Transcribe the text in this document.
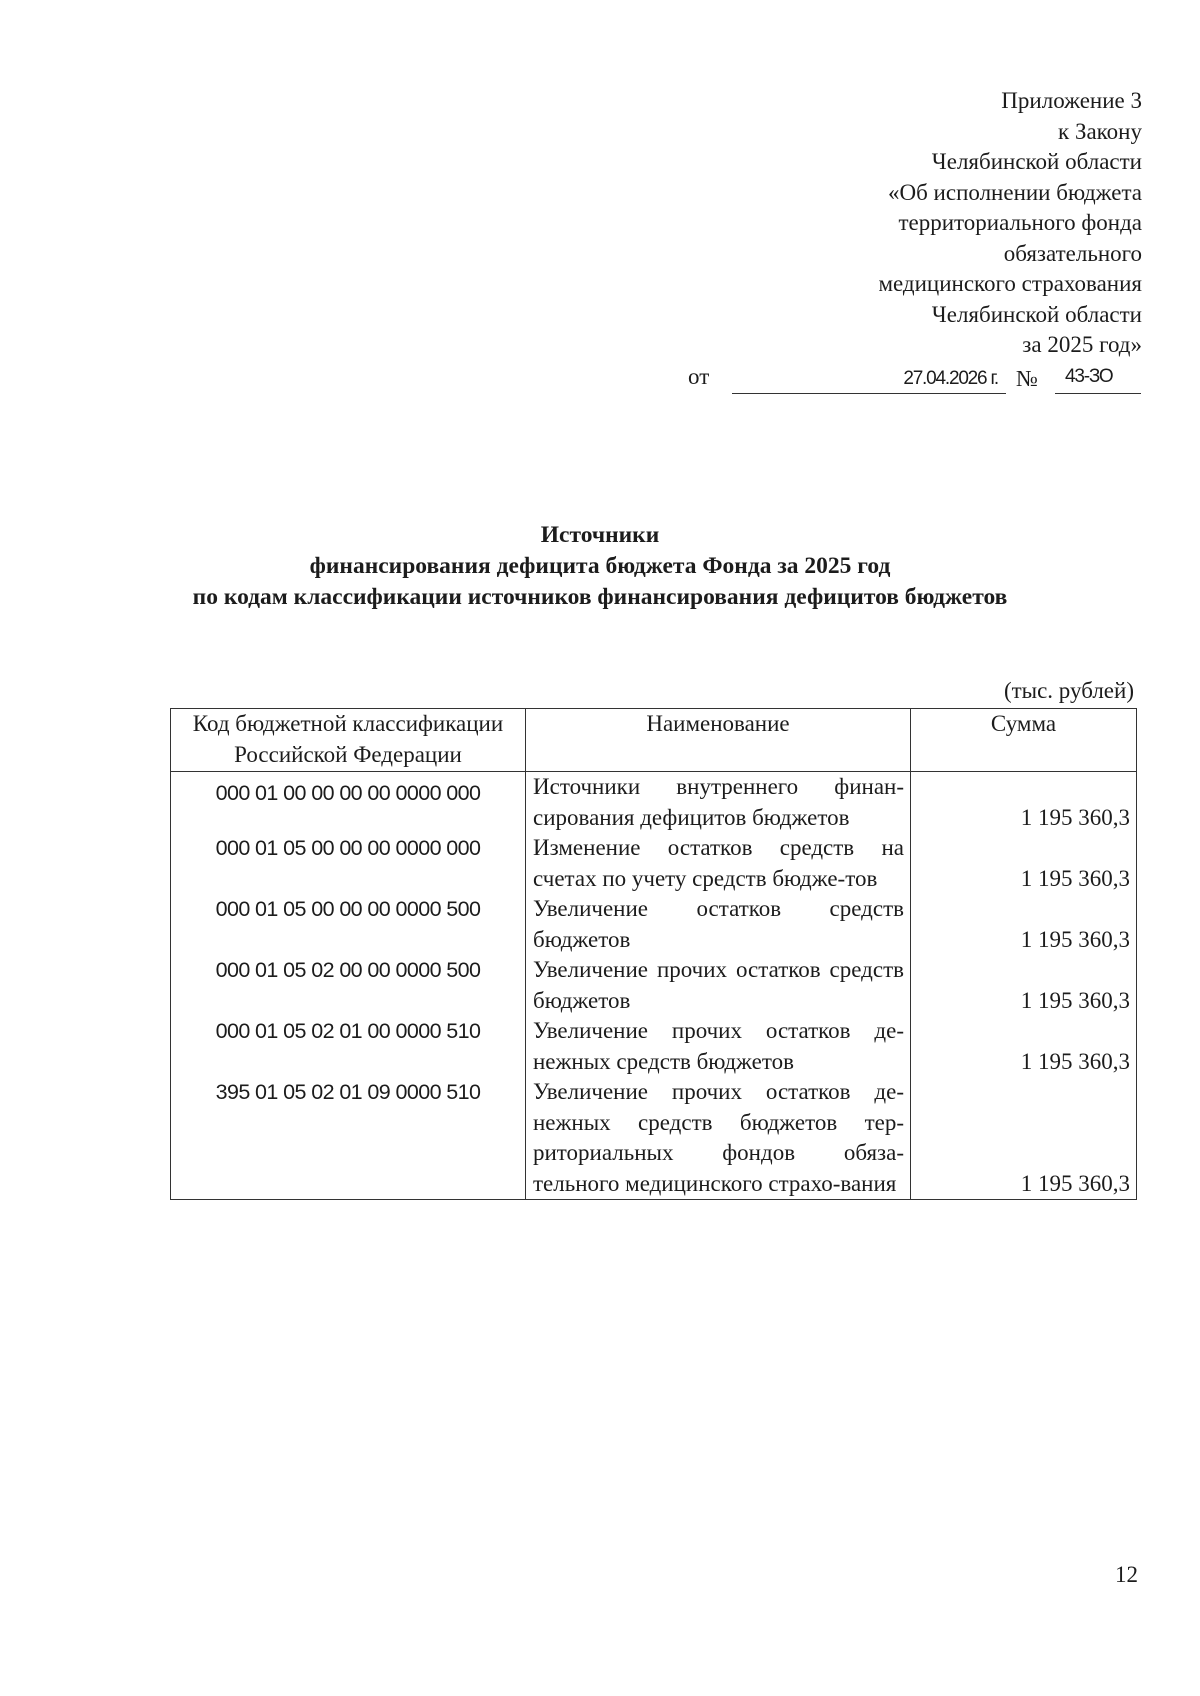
Приложение 3
к Закону
Челябинской области
«Об исполнении бюджета
территориального фонда
обязательного
медицинского страхования
Челябинской области
за 2025 год»
от	27.04.2026 г. № 43-ЗО
Источники
финансирования дефицита бюджета Фонда за 2025 год
по кодам классификации источников финансирования дефицитов бюджетов
(тыс. рублей)
Код бюджетной классификации Российской Федерации	Наименование	Сумма
000 01 00 00 00 00 0000 000	Источники внутреннего финан-сирования дефицитов бюджетов	1 195 360,3
000 01 05 00 00 00 0000 000	Изменение остатков средств на счетах по учету средств бюдже-тов	1 195 360,3
000 01 05 00 00 00 0000 500	Увеличение остатков средств бюджетов	1 195 360,3
000 01 05 02 00 00 0000 500	Увеличение прочих остатков средств бюджетов	1 195 360,3
000 01 05 02 01 00 0000 510	Увеличение прочих остатков де-нежных средств бюджетов	1 195 360,3
395 01 05 02 01 09 0000 510	Увеличение прочих остатков де-нежных средств бюджетов тер-риториальных фондов обяза-тельного медицинского страхо-вания	1 195 360,3
12
